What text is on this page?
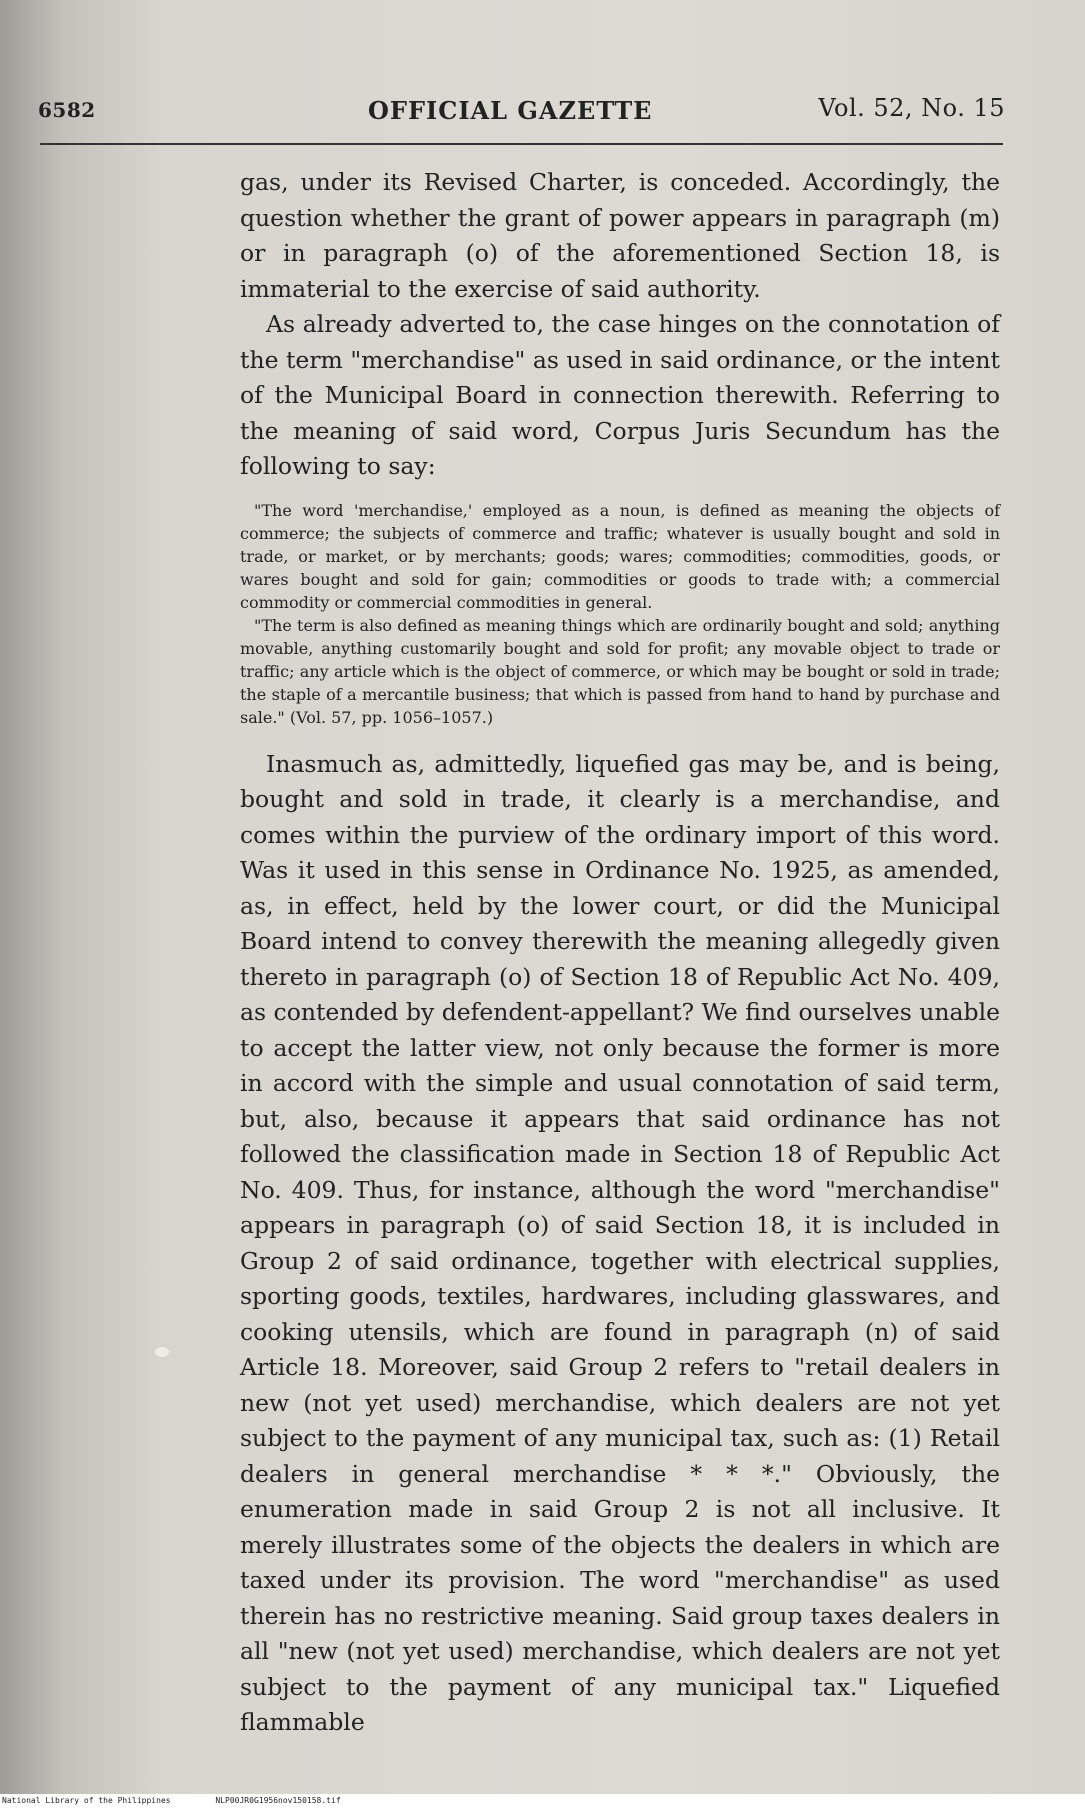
6582	OFFICIAL GAZETTE	Vol. 52, No. 15

gas, under its Revised Charter, is conceded. Accordingly, the question whether the grant of power appears in paragraph (m) or in paragraph (o) of the aforementioned Section 18, is immaterial to the exercise of said authority.

As already adverted to, the case hinges on the connotation of the term "merchandise" as used in said ordinance, or the intent of the Municipal Board in connection therewith. Referring to the meaning of said word, Corpus Juris Secundum has the following to say:

"The word 'merchandise,' employed as a noun, is defined as meaning the objects of commerce; the subjects of commerce and traffic; whatever is usually bought and sold in trade, or market, or by merchants; goods; wares; commodities; commodities, goods, or wares bought and sold for gain; commodities or goods to trade with; a commercial commodity or commercial commodities in general.

"The term is also defined as meaning things which are ordinarily bought and sold; anything movable, anything customarily bought and sold for profit; any movable object to trade or traffic; any article which is the object of commerce, or which may be bought or sold in trade; the staple of a mercantile business; that which is passed from hand to hand by purchase and sale." (Vol. 57, pp. 1056–1057.)

Inasmuch as, admittedly, liquefied gas may be, and is being, bought and sold in trade, it clearly is a merchandise, and comes within the purview of the ordinary import of this word. Was it used in this sense in Ordinance No. 1925, as amended, as, in effect, held by the lower court, or did the Municipal Board intend to convey therewith the meaning allegedly given thereto in paragraph (o) of Section 18 of Republic Act No. 409, as contended by defendent-appellant? We find ourselves unable to accept the latter view, not only because the former is more in accord with the simple and usual connotation of said term, but, also, because it appears that said ordinance has not followed the classification made in Section 18 of Republic Act No. 409. Thus, for instance, although the word "merchandise" appears in paragraph (o) of said Section 18, it is included in Group 2 of said ordinance, together with electrical supplies, sporting goods, textiles, hardwares, including glasswares, and cooking utensils, which are found in paragraph (n) of said Article 18. Moreover, said Group 2 refers to "retail dealers in new (not yet used) merchandise, which dealers are not yet subject to the payment of any municipal tax, such as: (1) Retail dealers in general merchandise * * *." Obviously, the enumeration made in said Group 2 is not all inclusive. It merely illustrates some of the objects the dealers in which are taxed under its provision. The word "merchandise" as used therein has no restrictive meaning. Said group taxes dealers in all "new (not yet used) merchandise, which dealers are not yet subject to the payment of any municipal tax." Liquefied flammable

National Library of the Philippines	NLP00JR0G1956nov150158.tif
